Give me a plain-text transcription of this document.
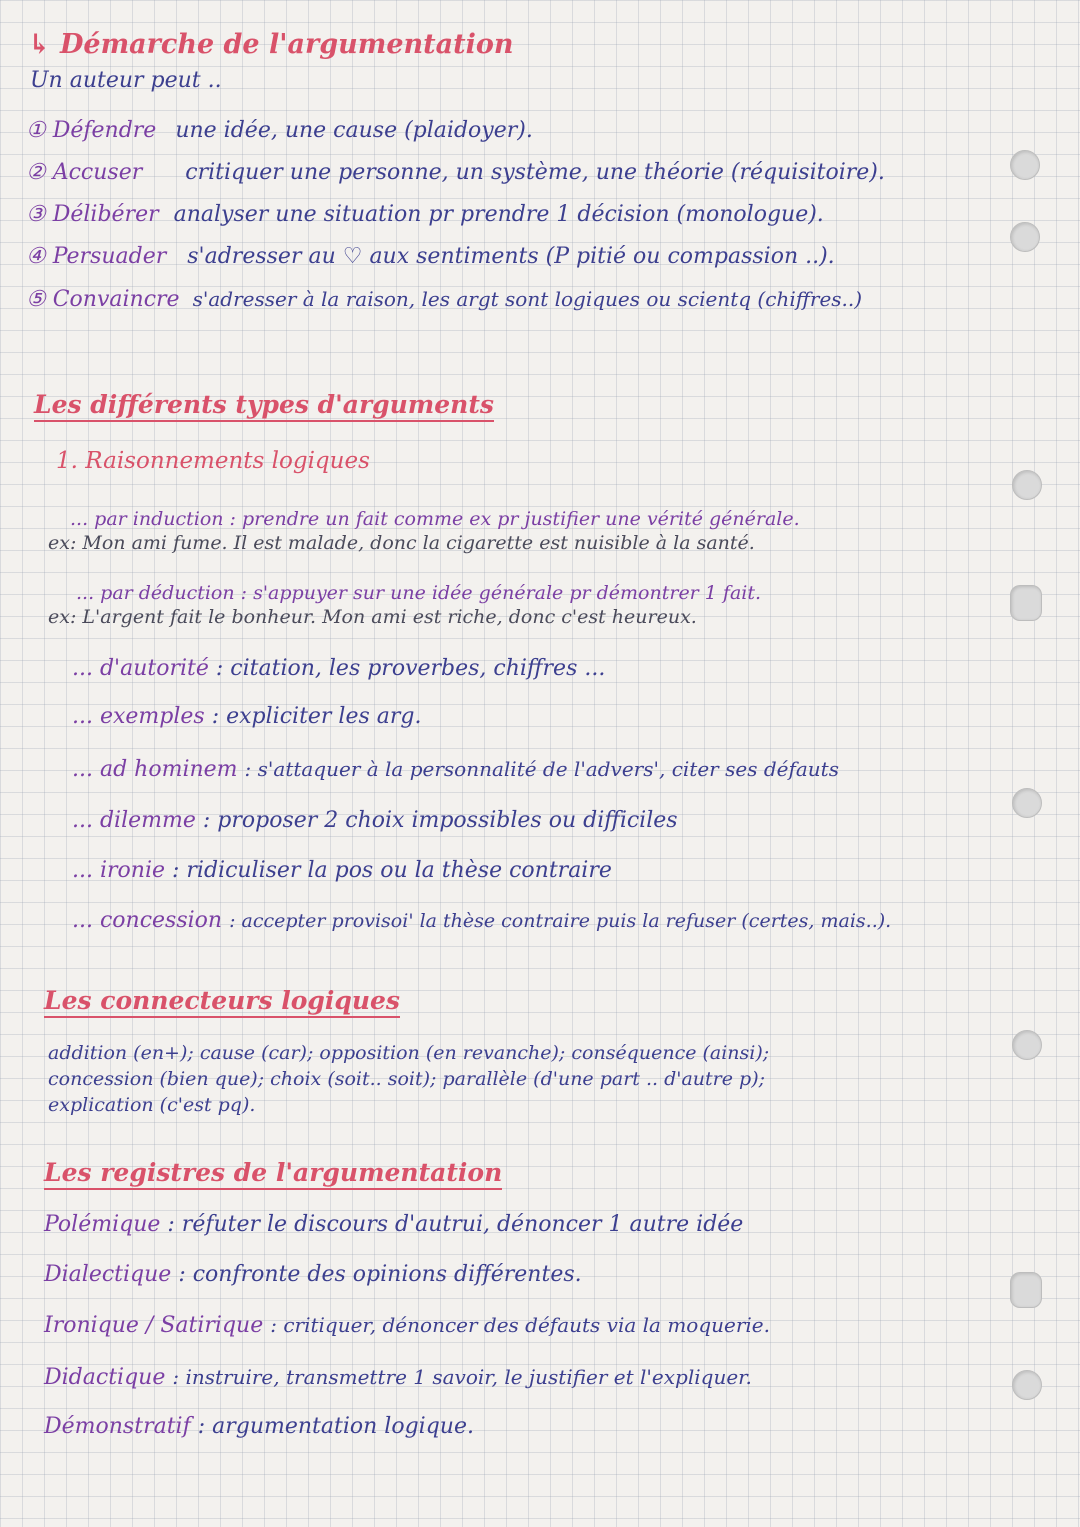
↳ Démarche de l'argumentation
Un auteur peut ..
① Défendre une idée, une cause (plaidoyer).
② Accuser critiquer une personne, un système, une théorie (réquisitoire).
③ Délibérer analyser une situation pr prendre 1 décision (monologue).
④ Persuader s'adresser au ♡ aux sentiments (P pitié ou compassion ..).
⑤ Convaincre s'adresser à la raison, les argt sont logiques ou scientq (chiffres..)
Les différents types d'arguments
1. Raisonnements logiques
... par induction : prendre un fait comme ex pr justifier une vérité générale.
ex: Mon ami fume. Il est malade, donc la cigarette est nuisible à la santé.
... par déduction : s'appuyer sur une idée générale pr démontrer 1 fait.
ex: L'argent fait le bonheur. Mon ami est riche, donc c'est heureux.
... d'autorité : citation, les proverbes, chiffres ...
... exemples : expliciter les arg.
... ad hominem : s'attaquer à la personnalité de l'advers', citer ses défauts
... dilemme : proposer 2 choix impossibles ou difficiles
... ironie : ridiculiser la pos ou la thèse contraire
... concession : accepter provisoi' la thèse contraire puis la refuser (certes, mais..).
Les connecteurs logiques
addition (en+); cause (car); opposition (en revanche); conséquence (ainsi);
concession (bien que); choix (soit.. soit); parallèle (d'une part .. d'autre p);
explication (c'est pq).
Les registres de l'argumentation
Polémique : réfuter le discours d'autrui, dénoncer 1 autre idée
Dialectique : confronte des opinions différentes.
Ironique / Satirique : critiquer, dénoncer des défauts via la moquerie.
Didactique : instruire, transmettre 1 savoir, le justifier et l'expliquer.
Démonstratif : argumentation logique.
